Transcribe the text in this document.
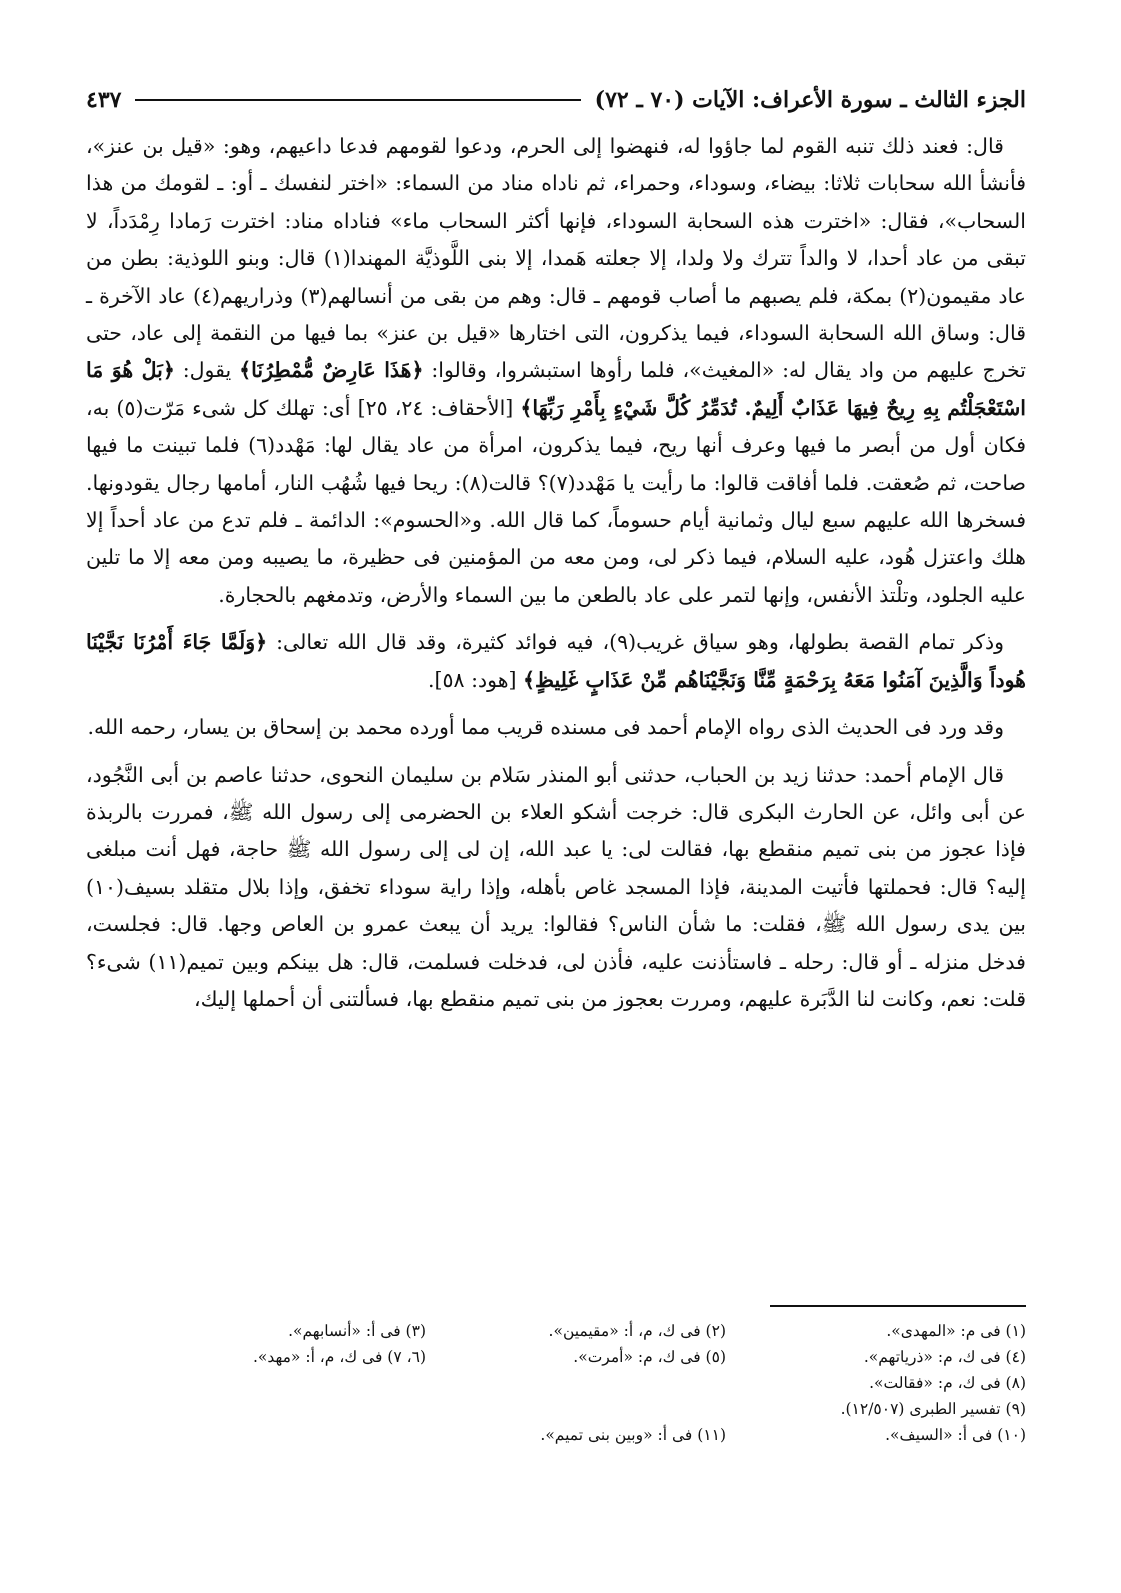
الجزء الثالث ـ سورة الأعراف: الآيات (٧٠ ـ ٧٢)
٤٣٧

قال: فعند ذلك تنبه القوم لما جاؤوا له، فنهضوا إلى الحرم، ودعوا لقومهم فدعا داعيهم، وهو: «قيل بن عنز»، فأنشأ الله سحابات ثلاثا: بيضاء، وسوداء، وحمراء، ثم ناداه مناد من السماء: «اختر لنفسك ـ أو: ـ لقومك من هذا السحاب»، فقال: «اخترت هذه السحابة السوداء، فإنها أكثر السحاب ماء» فناداه مناد: اخترت رَمادا رِمْدَداً، لا تبقى من عاد أحدا، لا والداً تترك ولا ولدا، إلا جعلته هَمدا، إلا بنى اللَّوذيَّة المهندا(١) قال: وبنو اللوذية: بطن من عاد مقيمون(٢) بمكة، فلم يصبهم ما أصاب قومهم ـ قال: وهم من بقى من أنسالهم(٣) وذراريهم(٤) عاد الآخرة ـ قال: وساق الله السحابة السوداء، فيما يذكرون، التى اختارها «قيل بن عنز» بما فيها من النقمة إلى عاد، حتى تخرج عليهم من واد يقال له: «المغيث»، فلما رأوها استبشروا، وقالوا: ﴿هَذَا عَارِضٌ مُّمْطِرُنَا﴾ يقول: ﴿بَلْ هُوَ مَا اسْتَعْجَلْتُم بِهِ رِيحٌ فِيهَا عَذَابٌ أَلِيمٌ. تُدَمِّرُ كُلَّ شَيْءٍ بِأَمْرِ رَبِّهَا﴾ [الأحقاف: ٢٤، ٢٥] أى: تهلك كل شىء مَرّت(٥) به، فكان أول من أبصر ما فيها وعرف أنها ريح، فيما يذكرون، امرأة من عاد يقال لها: مَهْدد(٦) فلما تبينت ما فيها صاحت، ثم صُعقت. فلما أفاقت قالوا: ما رأيت يا مَهْدد(٧)؟ قالت(٨): ريحا فيها شُهُب النار، أمامها رجال يقودونها. فسخرها الله عليهم سبع ليال وثمانية أيام حسوماً، كما قال الله. و«الحسوم»: الدائمة ـ فلم تدع من عاد أحداً إلا هلك واعتزل هُود، عليه السلام، فيما ذكر لى، ومن معه من المؤمنين فى حظيرة، ما يصيبه ومن معه إلا ما تلين عليه الجلود، وتلْتذ الأنفس، وإنها لتمر على عاد بالطعن ما بين السماء والأرض، وتدمغهم بالحجارة.

وذكر تمام القصة بطولها، وهو سياق غريب(٩)، فيه فوائد كثيرة، وقد قال الله تعالى: ﴿وَلَمَّا جَاءَ أَمْرُنَا نَجَّيْنَا هُوداً وَالَّذِينَ آمَنُوا مَعَهُ بِرَحْمَةٍ مِّنَّا وَنَجَّيْنَاهُم مِّنْ عَذَابٍ غَلِيظٍ﴾ [هود: ٥٨].

وقد ورد فى الحديث الذى رواه الإمام أحمد فى مسنده قريب مما أورده محمد بن إسحاق بن يسار، رحمه الله.

قال الإمام أحمد: حدثنا زيد بن الحباب، حدثنى أبو المنذر سَلام بن سليمان النحوى، حدثنا عاصم بن أبى النَّجُود، عن أبى وائل، عن الحارث البكرى قال: خرجت أشكو العلاء بن الحضرمى إلى رسول الله ﷺ، فمررت بالربذة فإذا عجوز من بنى تميم منقطع بها، فقالت لى: يا عبد الله، إن لى إلى رسول الله ﷺ حاجة، فهل أنت مبلغى إليه؟ قال: فحملتها فأتيت المدينة، فإذا المسجد غاص بأهله، وإذا راية سوداء تخفق، وإذا بلال متقلد بسيف(١٠) بين يدى رسول الله ﷺ، فقلت: ما شأن الناس؟ فقالوا: يريد أن يبعث عمرو بن العاص وجها. قال: فجلست، فدخل منزله ـ أو قال: رحله ـ فاستأذنت عليه، فأذن لى، فدخلت فسلمت، قال: هل بينكم وبين تميم(١١) شىء؟ قلت: نعم، وكانت لنا الدَّبَرة عليهم، ومررت بعجوز من بنى تميم منقطع بها، فسألتنى أن أحملها إليك،

(١) فى م: «المهدى».
(٢) فى ك، م، أ: «مقيمين».
(٣) فى أ: «أنسابهم».
(٤) فى ك، م: «ذرياتهم».
(٥) فى ك، م: «أمرت».
(٦، ٧) فى ك، م، أ: «مهد».
(٨) فى ك، م: «فقالت».
(٩) تفسير الطبرى (١٢/٥٠٧).
(١٠) فى أ: «السيف».
(١١) فى أ: «وبين بنى تميم».
